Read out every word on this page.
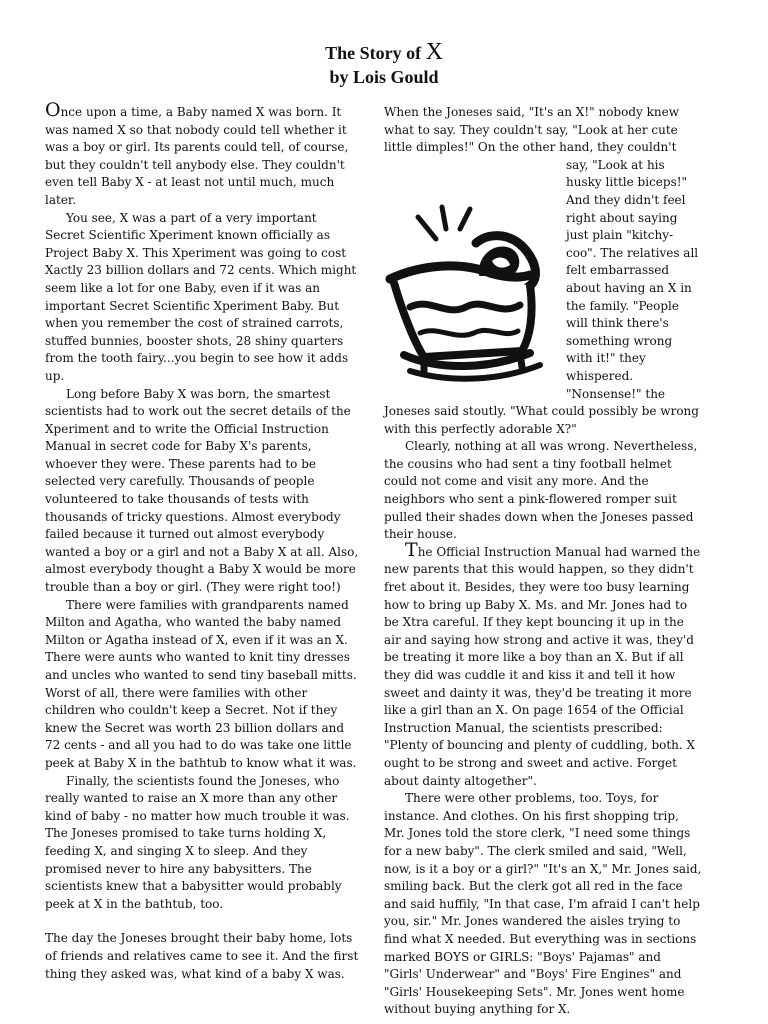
The Story of X
by Lois Gould

Once upon a time, a Baby named X was born. It was named X so that nobody could tell whether it was a boy or girl. Its parents could tell, of course, but they couldn't tell anybody else. They couldn't even tell Baby X - at least not until much, much later.

You see, X was a part of a very important Secret Scientific Xperiment known officially as Project Baby X. This Xperiment was going to cost Xactly 23 billion dollars and 72 cents. Which might seem like a lot for one Baby, even if it was an important Secret Scientific Xperiment Baby. But when you remember the cost of strained carrots, stuffed bunnies, booster shots, 28 shiny quarters from the tooth fairy...you begin to see how it adds up.

Long before Baby X was born, the smartest scientists had to work out the secret details of the Xperiment and to write the Official Instruction Manual in secret code for Baby X's parents, whoever they were. These parents had to be selected very carefully. Thousands of people volunteered to take thousands of tests with thousands of tricky questions. Almost everybody failed because it turned out almost everybody wanted a boy or a girl and not a Baby X at all. Also, almost everybody thought a Baby X would be more trouble than a boy or girl. (They were right too!)

There were families with grandparents named Milton and Agatha, who wanted the baby named Milton or Agatha instead of X, even if it was an X. There were aunts who wanted to knit tiny dresses and uncles who wanted to send tiny baseball mitts. Worst of all, there were families with other children who couldn't keep a Secret. Not if they knew the Secret was worth 23 billion dollars and 72 cents - and all you had to do was take one little peek at Baby X in the bathtub to know what it was.

Finally, the scientists found the Joneses, who really wanted to raise an X more than any other kind of baby - no matter how much trouble it was. The Joneses promised to take turns holding X, feeding X, and singing X to sleep. And they promised never to hire any babysitters. The scientists knew that a babysitter would probably peek at X in the bathtub, too.

The day the Joneses brought their baby home, lots of friends and relatives came to see it. And the first thing they asked was, what kind of a baby X was.

When the Joneses said, "It's an X!" nobody knew what to say. They couldn't say, "Look at her cute little dimples!" On the other hand, they couldn't

say, "Look at his husky little biceps!" And they didn't feel right about saying just plain "kitchy-coo". The relatives all felt embarrassed about having an X in the family. "People will think there's something wrong with it!" they whispered. "Nonsense!" the Joneses said stoutly. "What could possibly be wrong with this perfectly adorable X?"

Clearly, nothing at all was wrong. Nevertheless, the cousins who had sent a tiny football helmet could not come and visit any more. And the neighbors who sent a pink-flowered romper suit pulled their shades down when the Joneses passed their house.

The Official Instruction Manual had warned the new parents that this would happen, so they didn't fret about it. Besides, they were too busy learning how to bring up Baby X. Ms. and Mr. Jones had to be Xtra careful. If they kept bouncing it up in the air and saying how strong and active it was, they'd be treating it more like a boy than an X. But if all they did was cuddle it and kiss it and tell it how sweet and dainty it was, they'd be treating it more like a girl than an X. On page 1654 of the Official Instruction Manual, the scientists prescribed: "Plenty of bouncing and plenty of cuddling, both. X ought to be strong and sweet and active. Forget about dainty altogether".

There were other problems, too. Toys, for instance. And clothes. On his first shopping trip, Mr. Jones told the store clerk, "I need some things for a new baby". The clerk smiled and said, "Well, now, is it a boy or a girl?" "It's an X," Mr. Jones said, smiling back. But the clerk got all red in the face and said huffily, "In that case, I'm afraid I can't help you, sir." Mr. Jones wandered the aisles trying to find what X needed. But everything was in sections marked BOYS or GIRLS: "Boys' Pajamas" and "Girls' Underwear" and "Boys' Fire Engines" and "Girls' Housekeeping Sets". Mr. Jones went home without buying anything for X.
